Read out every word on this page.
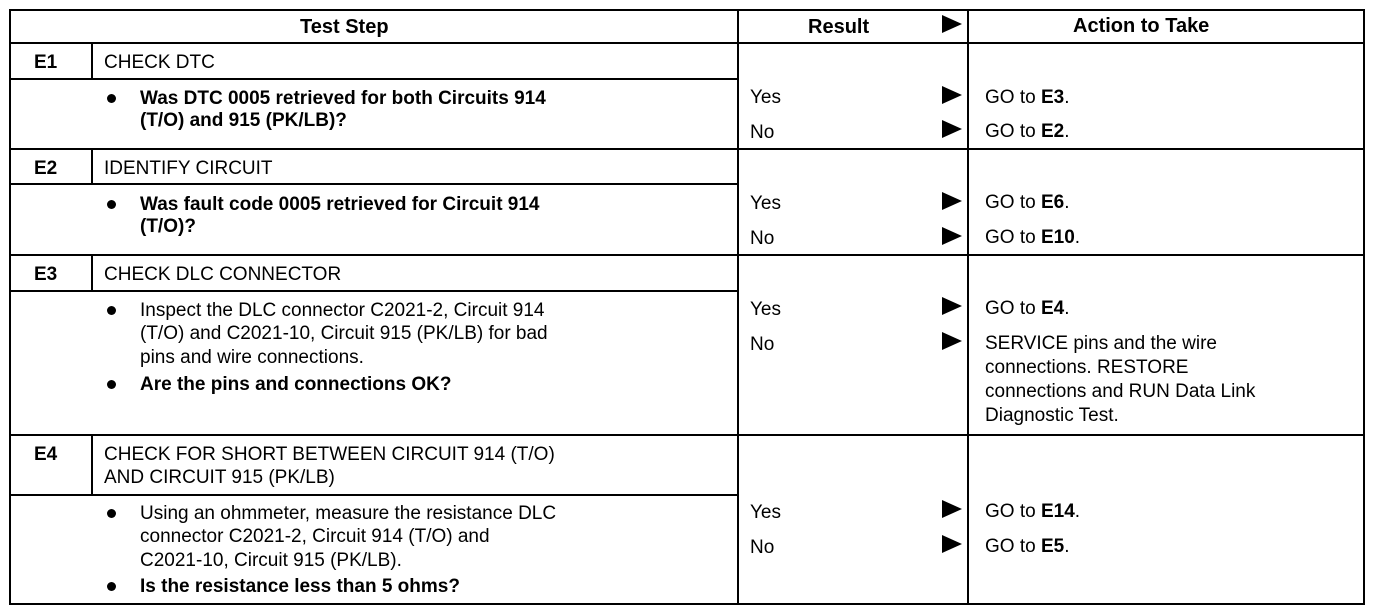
Test Step	Result	Action to Take
E1 CHECK DTC
Was DTC 0005 retrieved for both Circuits 914
(T/O) and 915 (PK/LB)?
Yes	GO to E3.
No	GO to E2.
E2 IDENTIFY CIRCUIT
Was fault code 0005 retrieved for Circuit 914
(T/O)?
Yes	GO to E6.
No	GO to E10.
E3 CHECK DLC CONNECTOR
Inspect the DLC connector C2021-2, Circuit 914
(T/O) and C2021-10, Circuit 915 (PK/LB) for bad
pins and wire connections.
Are the pins and connections OK?
Yes	GO to E4.
No	SERVICE pins and the wire
connections. RESTORE
connections and RUN Data Link
Diagnostic Test.
E4 CHECK FOR SHORT BETWEEN CIRCUIT 914 (T/O)
AND CIRCUIT 915 (PK/LB)
Using an ohmmeter, measure the resistance DLC
connector C2021-2, Circuit 914 (T/O) and
C2021-10, Circuit 915 (PK/LB).
Is the resistance less than 5 ohms?
Yes	GO to E14.
No	GO to E5.
